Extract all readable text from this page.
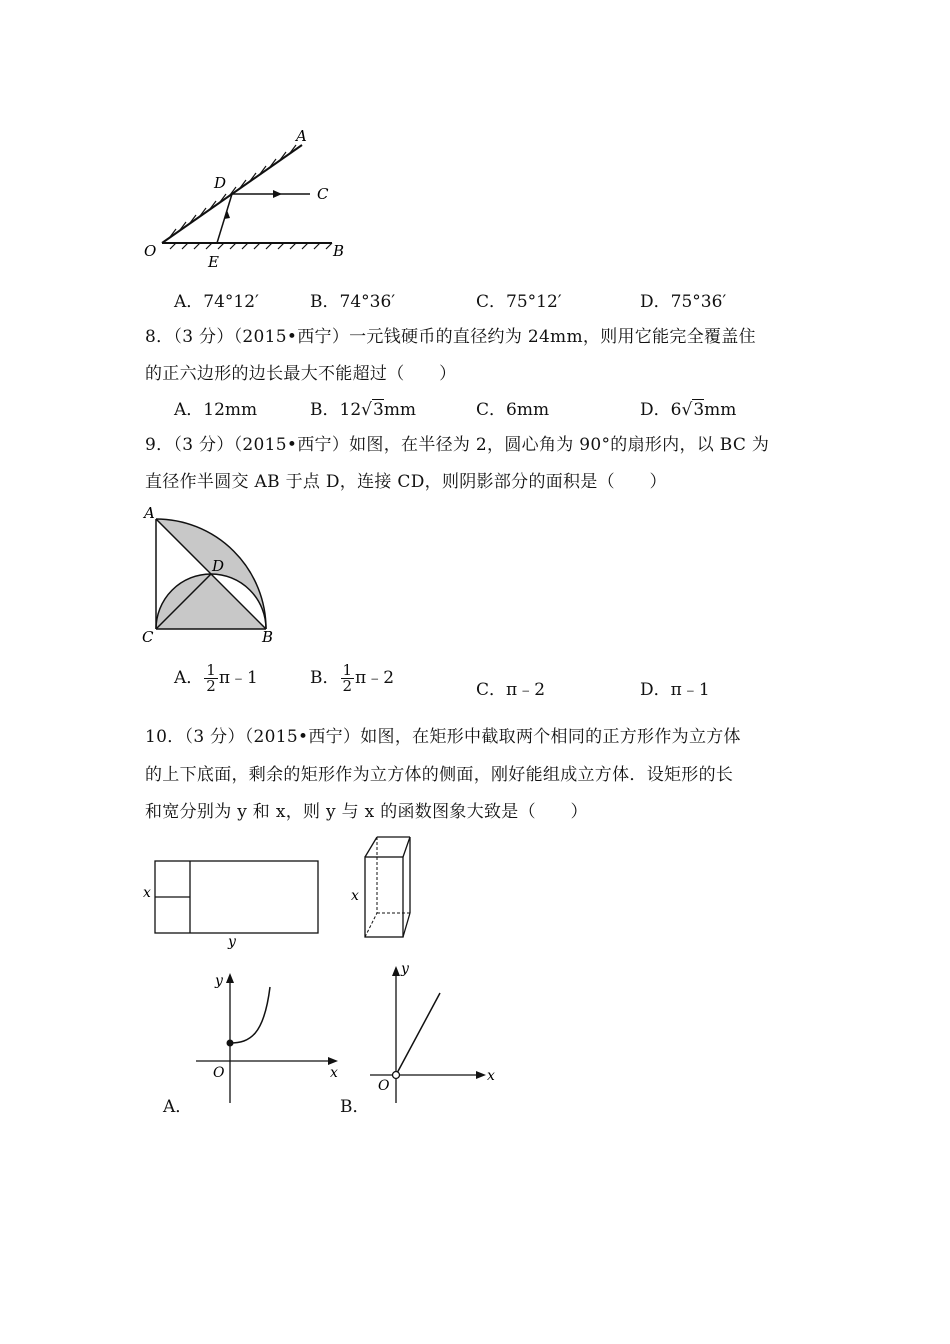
A
D
C
O
E
B
A．74°12′	B．74°36′	C．75°12′	D．75°36′
8．（3 分）（2015•西宁）一元钱硬币的直径约为 24mm，则用它能完全覆盖住
的正六边形的边长最大不能超过（　　）
A．12mm	B．12√3mm	C．6mm	D．6√3mm
9．（3 分）（2015•西宁）如图，在半径为 2，圆心角为 90°的扇形内，以 BC 为
直径作半圆交 AB 于点 D，连接 CD，则阴影部分的面积是（　　）
A
D
C	B
A． $\frac{1}{2}$ π﹣1	B． $\frac{1}{2}$ π﹣2
C．π﹣2	D．π﹣1
10．（3 分）（2015•西宁）如图，在矩形中截取两个相同的正方形作为立方体
的上下底面，剩余的矩形作为立方体的侧面，刚好能组成立方体．设矩形的长
和宽分别为 y 和 x，则 y 与 x 的函数图象大致是（　　）
x
y
x
y
x
O
y
x
O
A．	B．
